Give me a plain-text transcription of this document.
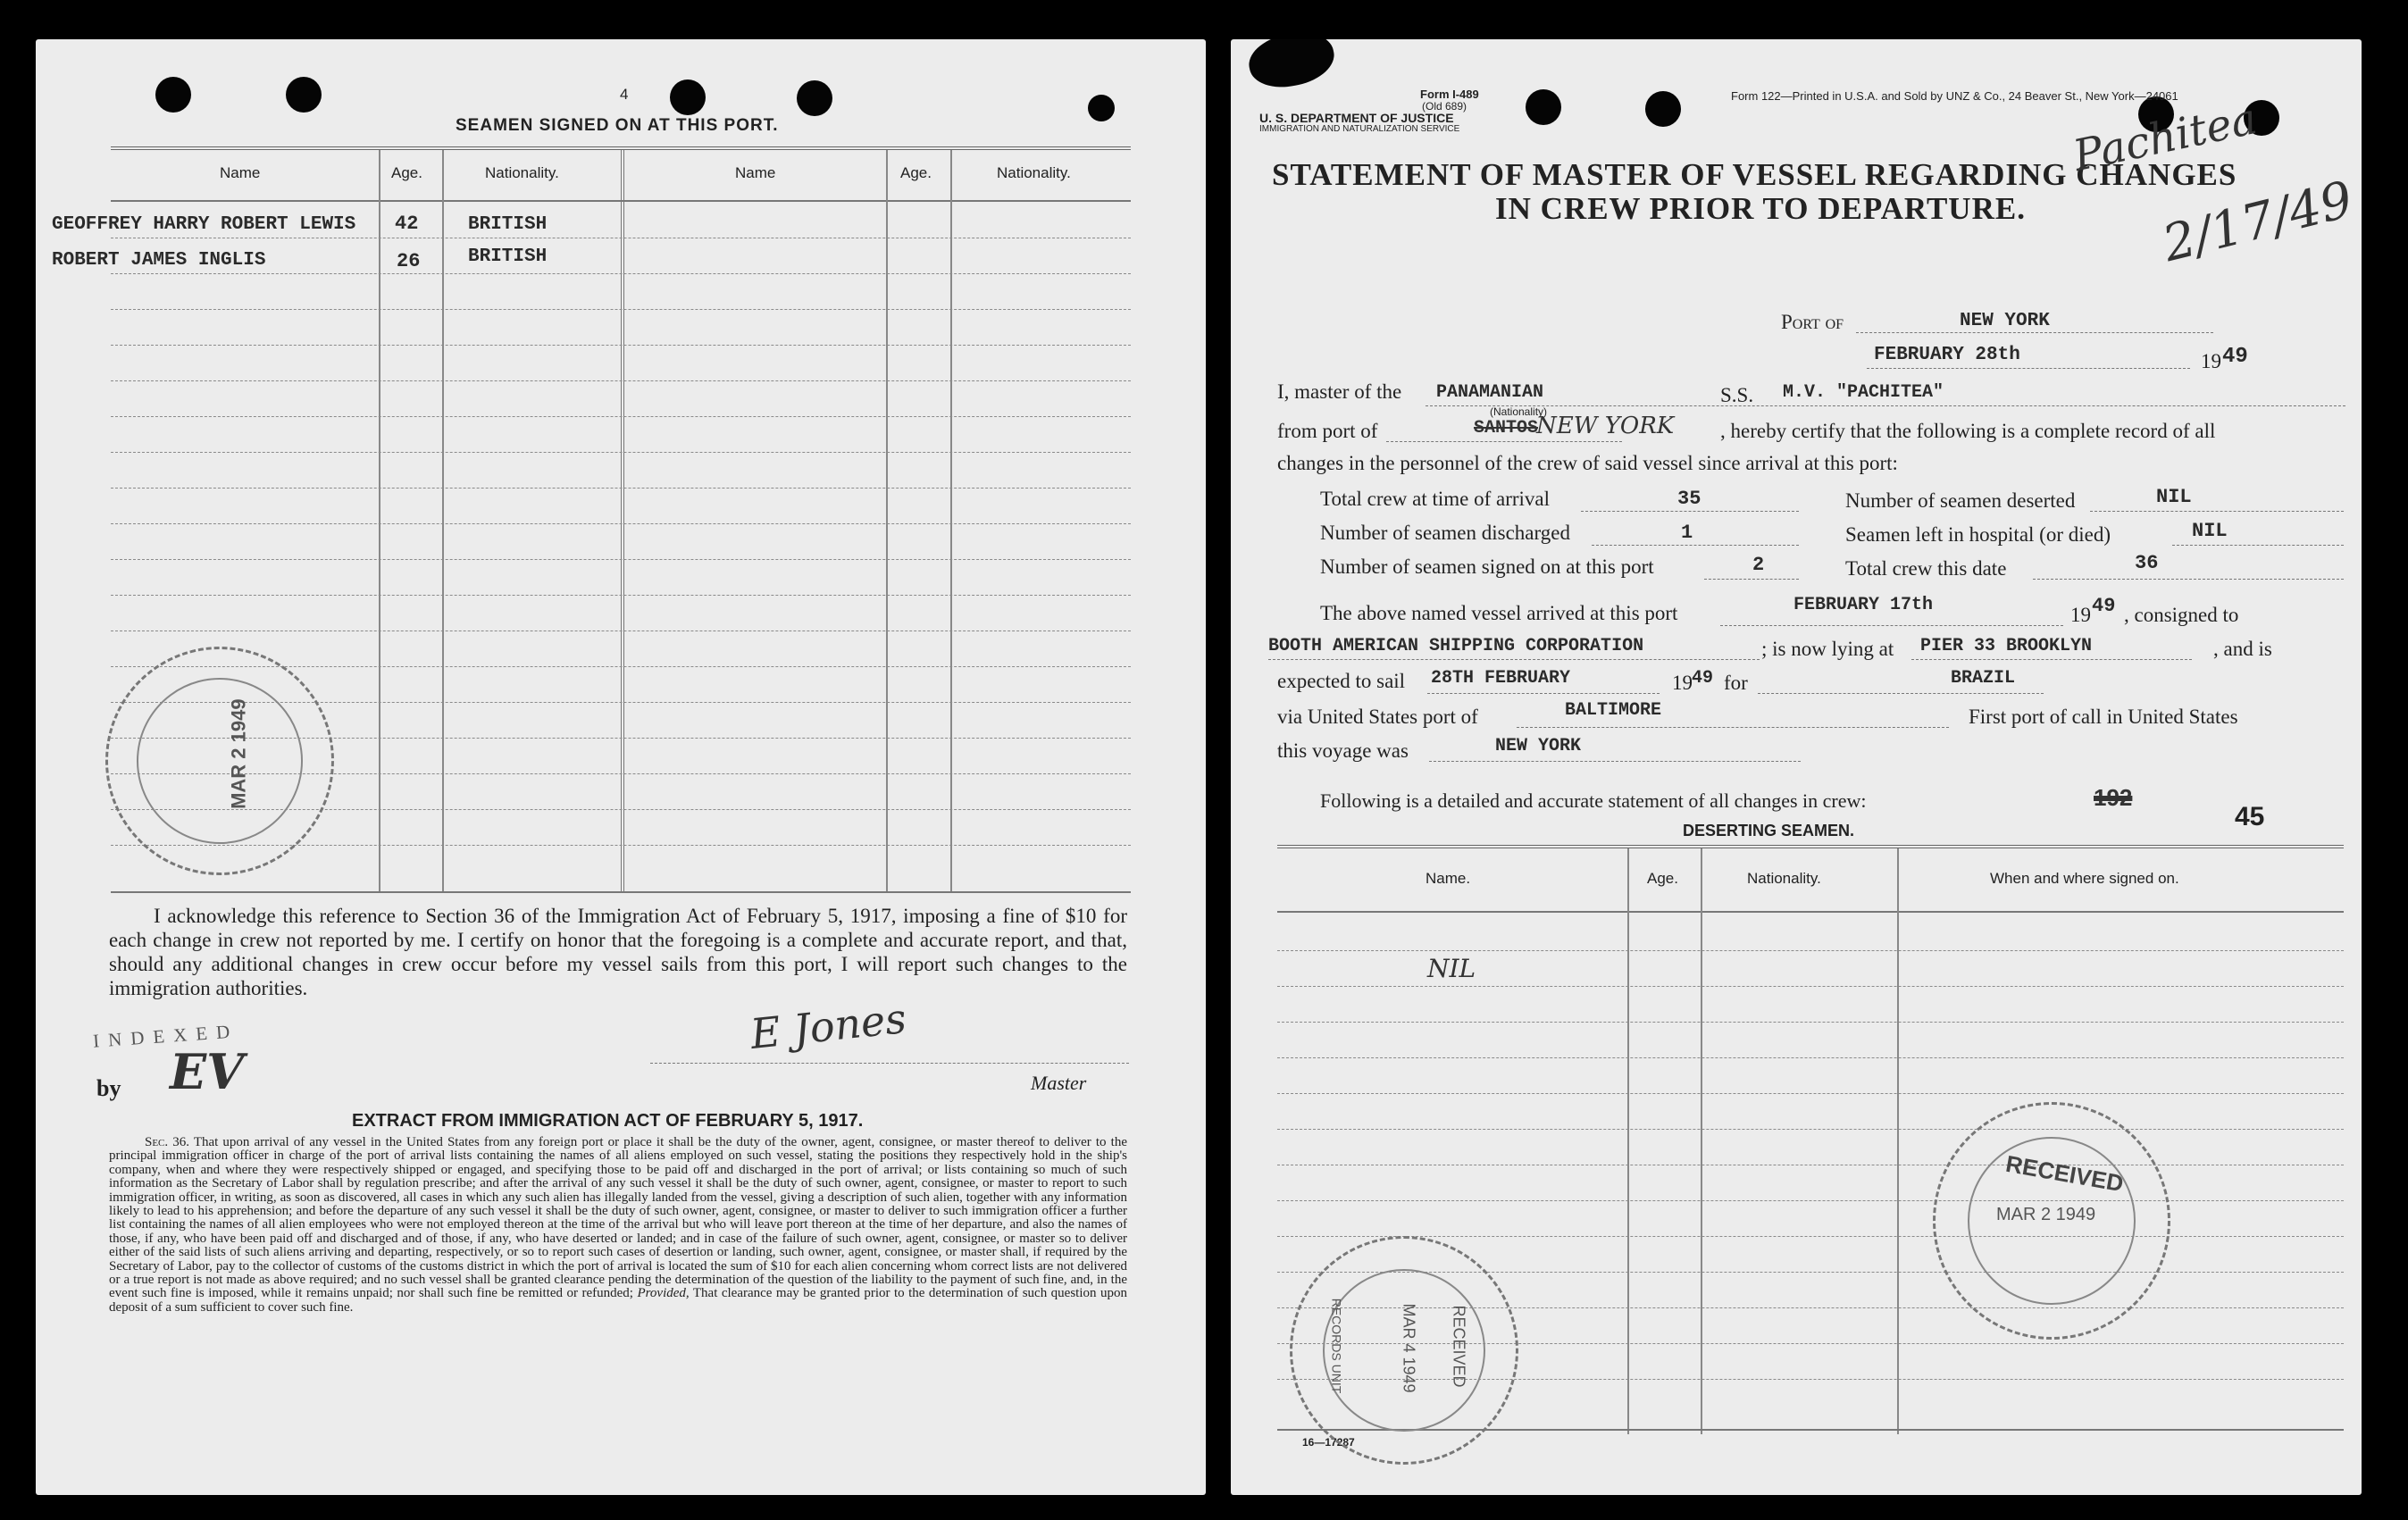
4
SEAMEN SIGNED ON AT THIS PORT.
Name	Age.	Nationality.	Name	Age.	Nationality.
GEOFFREY HARRY ROBERT LEWIS 42	BRITISH
ROBERT JAMES INGLIS	26	BRITISH
MAR 2 1949
I acknowledge this reference to Section 36 of the Immigration Act of February 5, 1917, imposing a fine of $10 for each change in crew not reported by me. I certify on honor that the foregoing is a complete and accurate report, and that, should any additional changes in crew occur before my vessel sails from this port, I will report such changes to the immigration authorities.
E Jones
Master
INDEXED
by EV
EXTRACT FROM IMMIGRATION ACT OF FEBRUARY 5, 1917.
Sec. 36. That upon arrival of any vessel in the United States from any foreign port or place it shall be the duty of the owner, agent, consignee, or master thereof to deliver to the principal immigration officer in charge of the port of arrival lists containing the names of all aliens employed on such vessel, stating the positions they respectively hold in the ship's company, when and where they were respectively shipped or engaged, and specifying those to be paid off and discharged in the port of arrival; or lists containing so much of such information as the Secretary of Labor shall by regulation prescribe; and after the arrival of any such vessel it shall be the duty of such owner, agent, consignee, or master to report to such immigration officer, in writing, as soon as discovered, all cases in which any such alien has illegally landed from the vessel, giving a description of such alien, together with any information likely to lead to his apprehension; and before the departure of any such vessel it shall be the duty of such owner, agent, consignee, or master to deliver to such immigration officer a further list containing the names of all alien employees who were not employed thereon at the time of the arrival but who will leave port thereon at the time of her departure, and also the names of those, if any, who have been paid off and discharged and of those, if any, who have deserted or landed; and in case of the failure of such owner, agent, consignee, or master so to deliver either of the said lists of such aliens arriving and departing, respectively, or so to report such cases of desertion or landing, such owner, agent, consignee, or master shall, if required by the Secretary of Labor, pay to the collector of customs of the customs district in which the port of arrival is located the sum of $10 for each alien concerning whom correct lists are not delivered or a true report is not made as above required; and no such vessel shall be granted clearance pending the determination of the question of the liability to the payment of such fine, and, in the event such fine is imposed, while it remains unpaid; nor shall such fine be remitted or refunded; Provided, That clearance may be granted prior to the determination of such question upon deposit of a sum sufficient to cover such fine.
Form I-489
(Old 689)
Form 122—Printed in U.S.A. and Sold by UNZ & Co., 24 Beaver St., New York—24061
U. S. DEPARTMENT OF JUSTICE
IMMIGRATION AND NATURALIZATION SERVICE
STATEMENT OF MASTER OF VESSEL REGARDING CHANGES
IN CREW PRIOR TO DEPARTURE.
Pachitea
2/17/49
Port of	NEW YORK
FEBRUARY 28th	19 49
I, master of the PANAMANIAN
(Nationality)
S.S. M.V. "PACHITEA"
from port of	SANTOS
NEW YORK , hereby certify that the following is a complete record of all
changes in the personnel of the crew of said vessel since arrival at this port:
Total crew at time of arrival	35	Number of seamen deserted	NIL
Number of seamen discharged	1	Seamen left in hospital (or died)	NIL
Number of seamen signed on at this port	2	Total crew this date	36
The above named vessel arrived at this port	FEBRUARY 17th	19 49 , consigned to
BOOTH AMERICAN SHIPPING CORPORATION	; is now lying at PIER 33 BROOKLYN	, and is
expected to sail 28TH FEBRUARY	19 49 for	BRAZIL
via United States port of	BALTIMORE	First port of call in United States
this voyage was	NEW YORK
Following is a detailed and accurate statement of all changes in crew:	192
45
DESERTING SEAMEN.
Name.	Age.	Nationality.	When and where signed on.
NIL
16—17287
RECEIVED
MAR 2 1949
RECEIVED
MAR 4 1949
RECORDS UNIT
